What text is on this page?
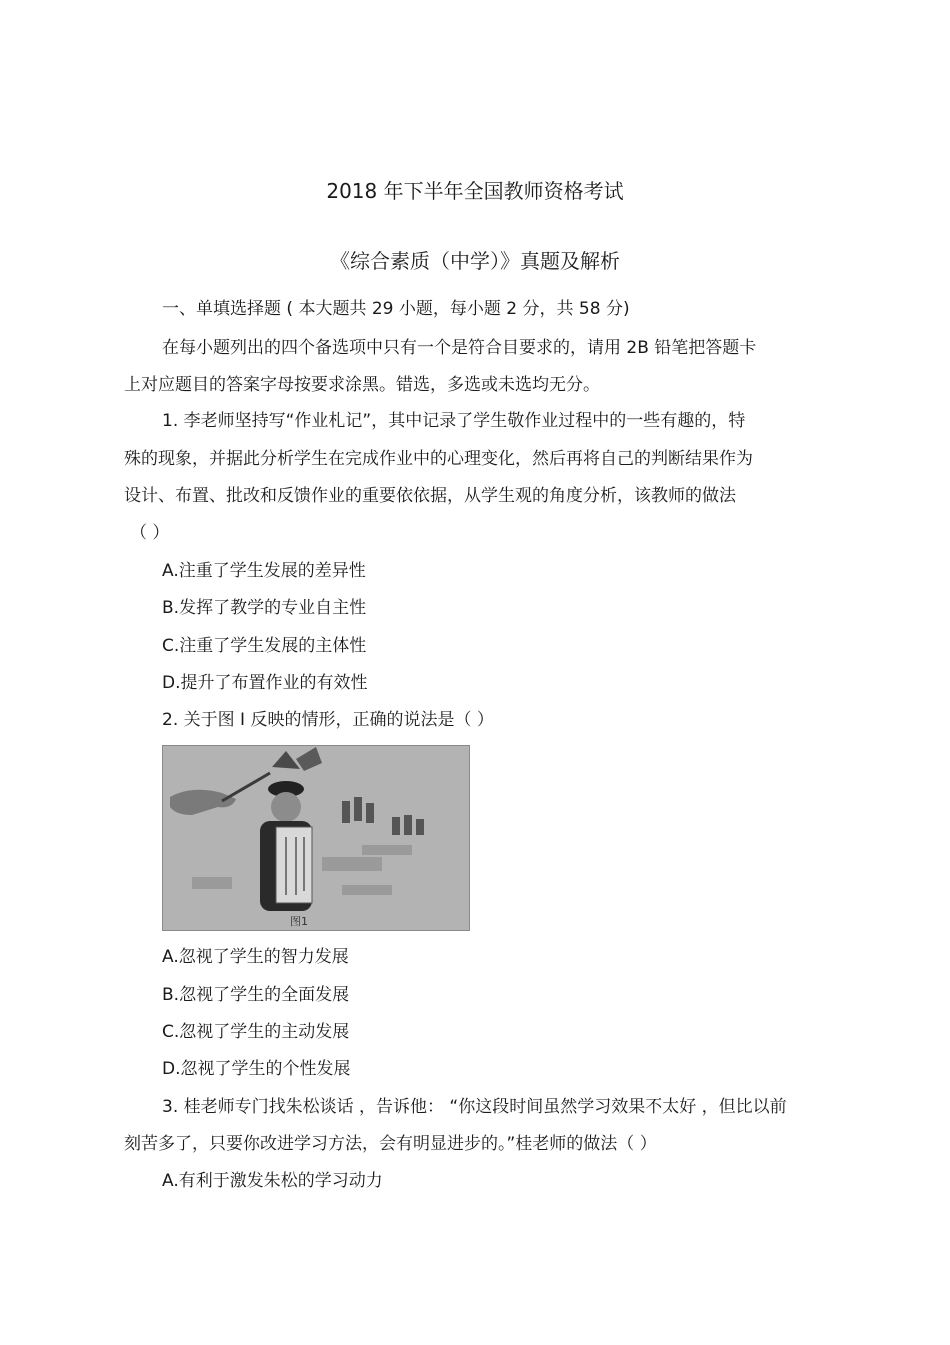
2018 年下半年全国教师资格考试
《综合素质（中学）》真题及解析
一、单填选择题 ( 本大题共 29 小题，每小题 2 分，共 58 分)
在每小题列出的四个备选项中只有一个是符合目要求的，请用 2B 铅笔把答题卡
上对应题目的答案字母按要求涂黑。错选，多选或未选均无分。
1. 李老师坚持写“作业札记”，其中记录了学生敬作业过程中的一些有趣的，特
殊的现象，并据此分析学生在完成作业中的心理变化，然后再将自己的判断结果作为
设计、布置、批改和反馈作业的重要依依据，从学生观的角度分析，该教师的做法
（ ）
A.注重了学生发展的差异性
B.发挥了教学的专业自主性
C.注重了学生发展的主体性
D.提升了布置作业的有效性
2. 关于图 I 反映的情形，正确的说法是（ ）
图1
A.忽视了学生的智力发展
B.忽视了学生的全面发展
C.忽视了学生的主动发展
D.忽视了学生的个性发展
3. 桂老师专门找朱松谈话 ，告诉他： “你这段时间虽然学习效果不太好 ，但比以前
刻苦多了，只要你改进学习方法，会有明显进步的。”桂老师的做法（ ）
A.有利于激发朱松的学习动力
